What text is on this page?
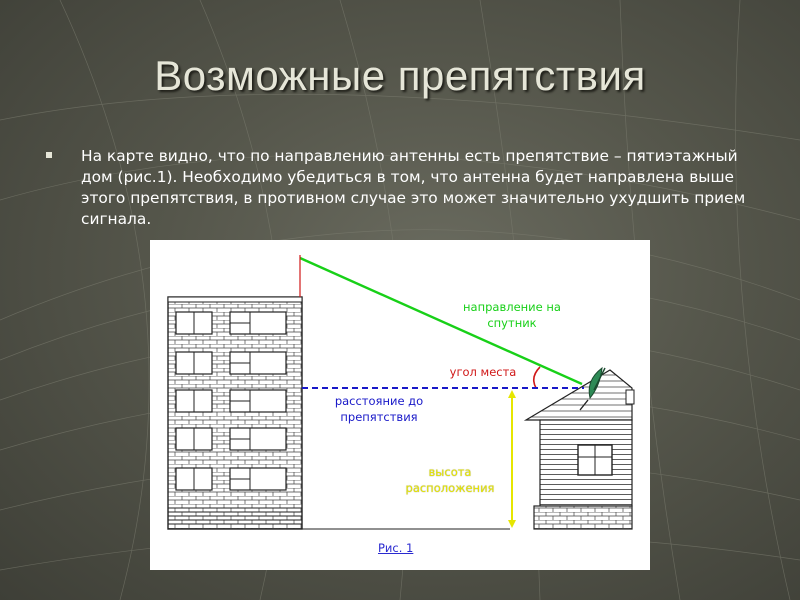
Возможные препятствия
На карте видно, что по направлению антенны есть препятствие – пятиэтажный дом (рис.1). Необходимо убедиться в том, что антенна будет направлена выше этого препятствия, в противном случае это может значительно ухудшить прием сигнала.
направление на спутник
угол места
расстояние до препятствия
высота расположения
Рис. 1
